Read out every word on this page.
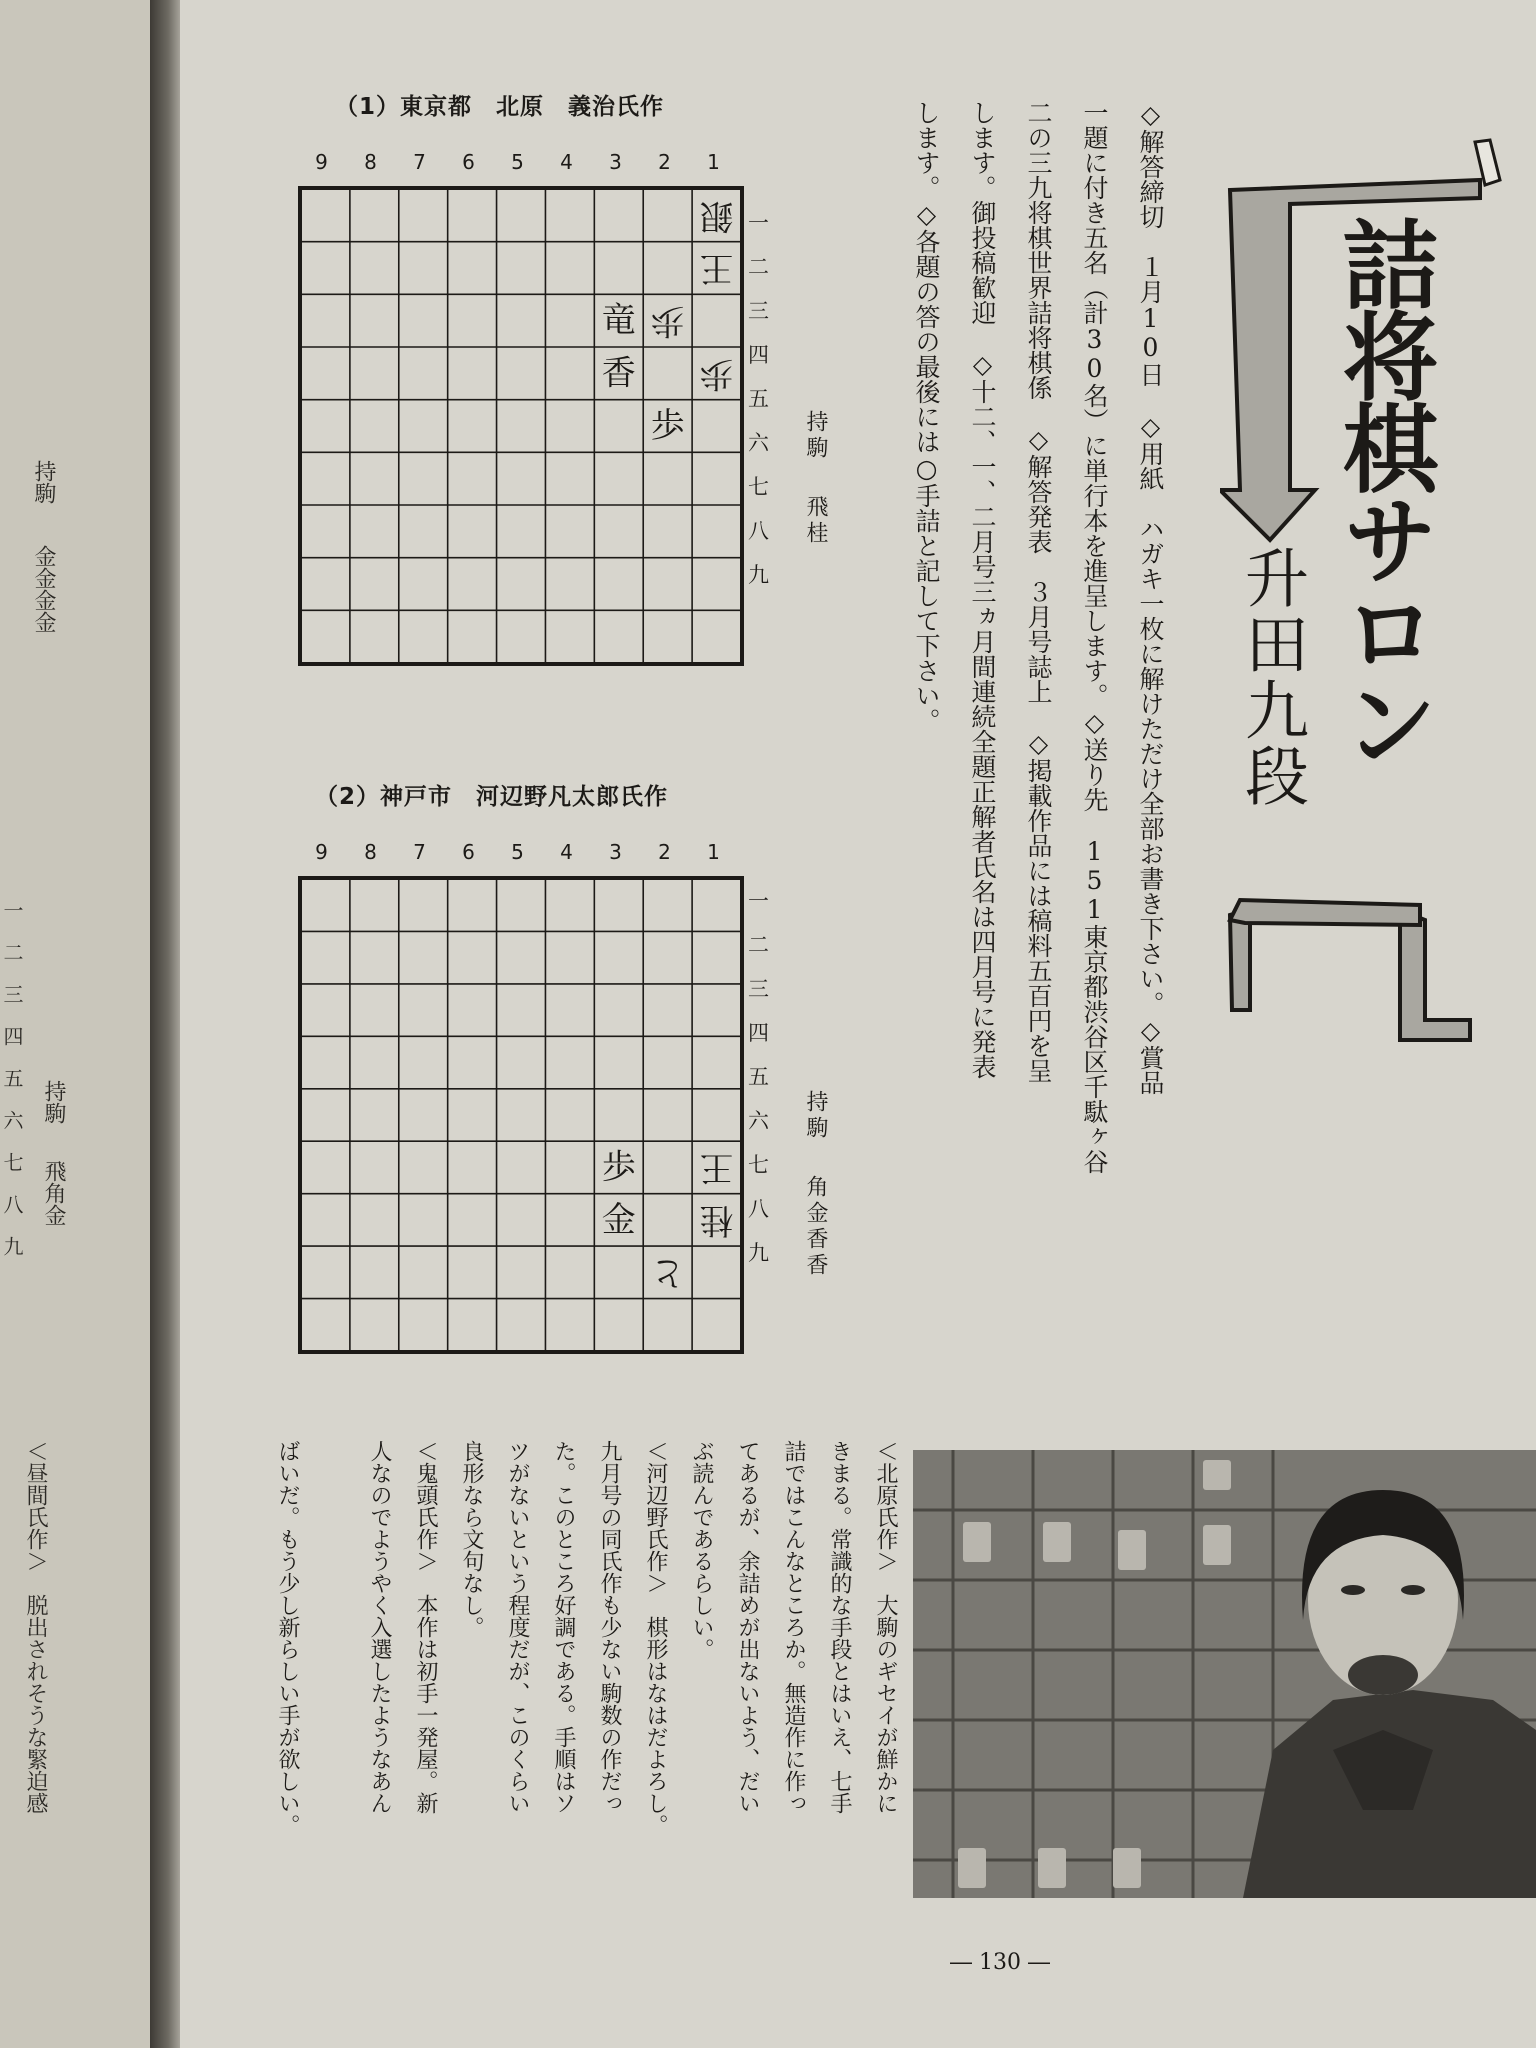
持駒
金金金金
持駒
飛角金
一二三四五六七八九
詰将棋サロン
升田九段
◇解答締切　１月10日　◇用紙　ハガキ一枚に解けただけ全部お書き下さい。◇賞品
一題に付き五名（計30名）に単行本を進呈します。◇送り先　151東京都渋谷区千駄ヶ谷
二の三九将棋世界詰将棋係　◇解答発表　３月号誌上　◇掲載作品には稿料五百円を呈
します。御投稿歓迎　◇十二、一、二月号三ヵ月間連続全題正解者氏名は四月号に発表
します。◇各題の答の最後には○手詰と記して下さい。
（1）東京都　北原　義治氏作
9	8	7	6	5	4	3	2	1
銀
王
歩
竜
歩
香
歩
一
二
三
四
五
六
七
八
九
持駒
飛桂
（2）神戸市　河辺野凡太郎氏作
9	8	7	6	5	4	3	2	1
王
歩
桂
金
と
一
二
三
四
五
六
七
八
九
持駒
角金香香
＜北原氏作＞　大駒のギセイが鮮かに
きまる。常識的な手段とはいえ、七手
詰ではこんなところか。無造作に作っ
てあるが、余詰めが出ないよう、だい
ぶ読んであるらしい。
＜河辺野氏作＞　棋形はなはだよろし。
九月号の同氏作も少ない駒数の作だっ
た。このところ好調である。手順はソ
ツがないという程度だが、このくらい
良形なら文句なし。
＜鬼頭氏作＞　本作は初手一発屋。新
人なのでようやく入選したようなあん
ばいだ。もう少し新らしい手が欲しい。
― 130 ―
＜昼間氏作＞　脱出されそうな緊迫感
